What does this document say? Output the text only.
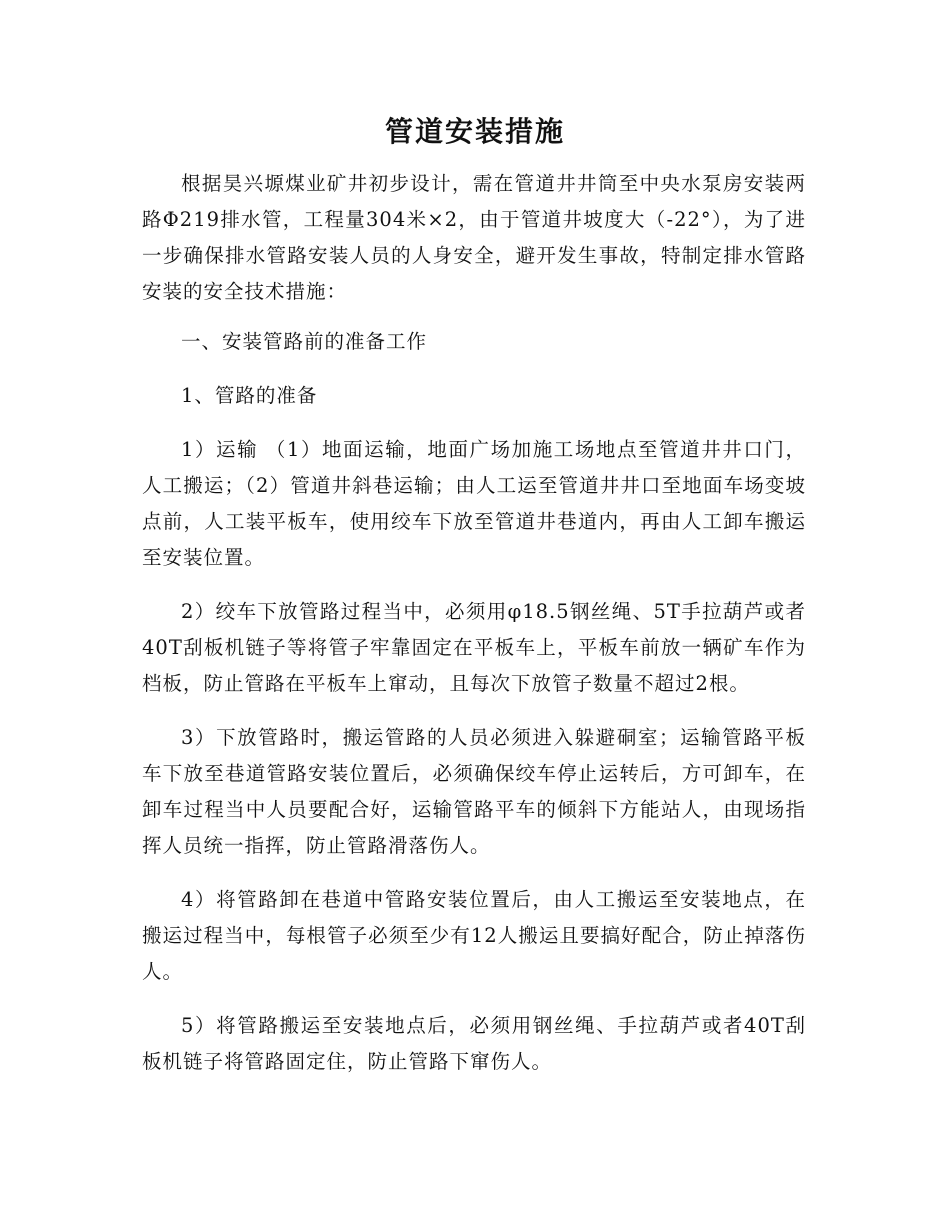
管道安装措施

根据昊兴塬煤业矿井初步设计，需在管道井井筒至中央水泵房安装两路Φ219排水管，工程量304米×2，由于管道井坡度大（-22°），为了进一步确保排水管路安装人员的人身安全，避开发生事故，特制定排水管路安装的安全技术措施：

一、安装管路前的准备工作

1、管路的准备

1）运输 （1）地面运输，地面广场加施工场地点至管道井井口门，人工搬运；（2）管道井斜巷运输；由人工运至管道井井口至地面车场变坡点前，人工装平板车，使用绞车下放至管道井巷道内，再由人工卸车搬运至安装位置。

2）绞车下放管路过程当中，必须用φ18.5钢丝绳、5T手拉葫芦或者40T刮板机链子等将管子牢靠固定在平板车上，平板车前放一辆矿车作为档板，防止管路在平板车上窜动，且每次下放管子数量不超过2根。

3）下放管路时，搬运管路的人员必须进入躲避硐室；运输管路平板车下放至巷道管路安装位置后，必须确保绞车停止运转后，方可卸车，在卸车过程当中人员要配合好，运输管路平车的倾斜下方能站人，由现场指挥人员统一指挥，防止管路滑落伤人。

4）将管路卸在巷道中管路安装位置后，由人工搬运至安装地点，在搬运过程当中，每根管子必须至少有12人搬运且要搞好配合，防止掉落伤人。

5）将管路搬运至安装地点后，必须用钢丝绳、手拉葫芦或者40T刮板机链子将管路固定住，防止管路下窜伤人。
